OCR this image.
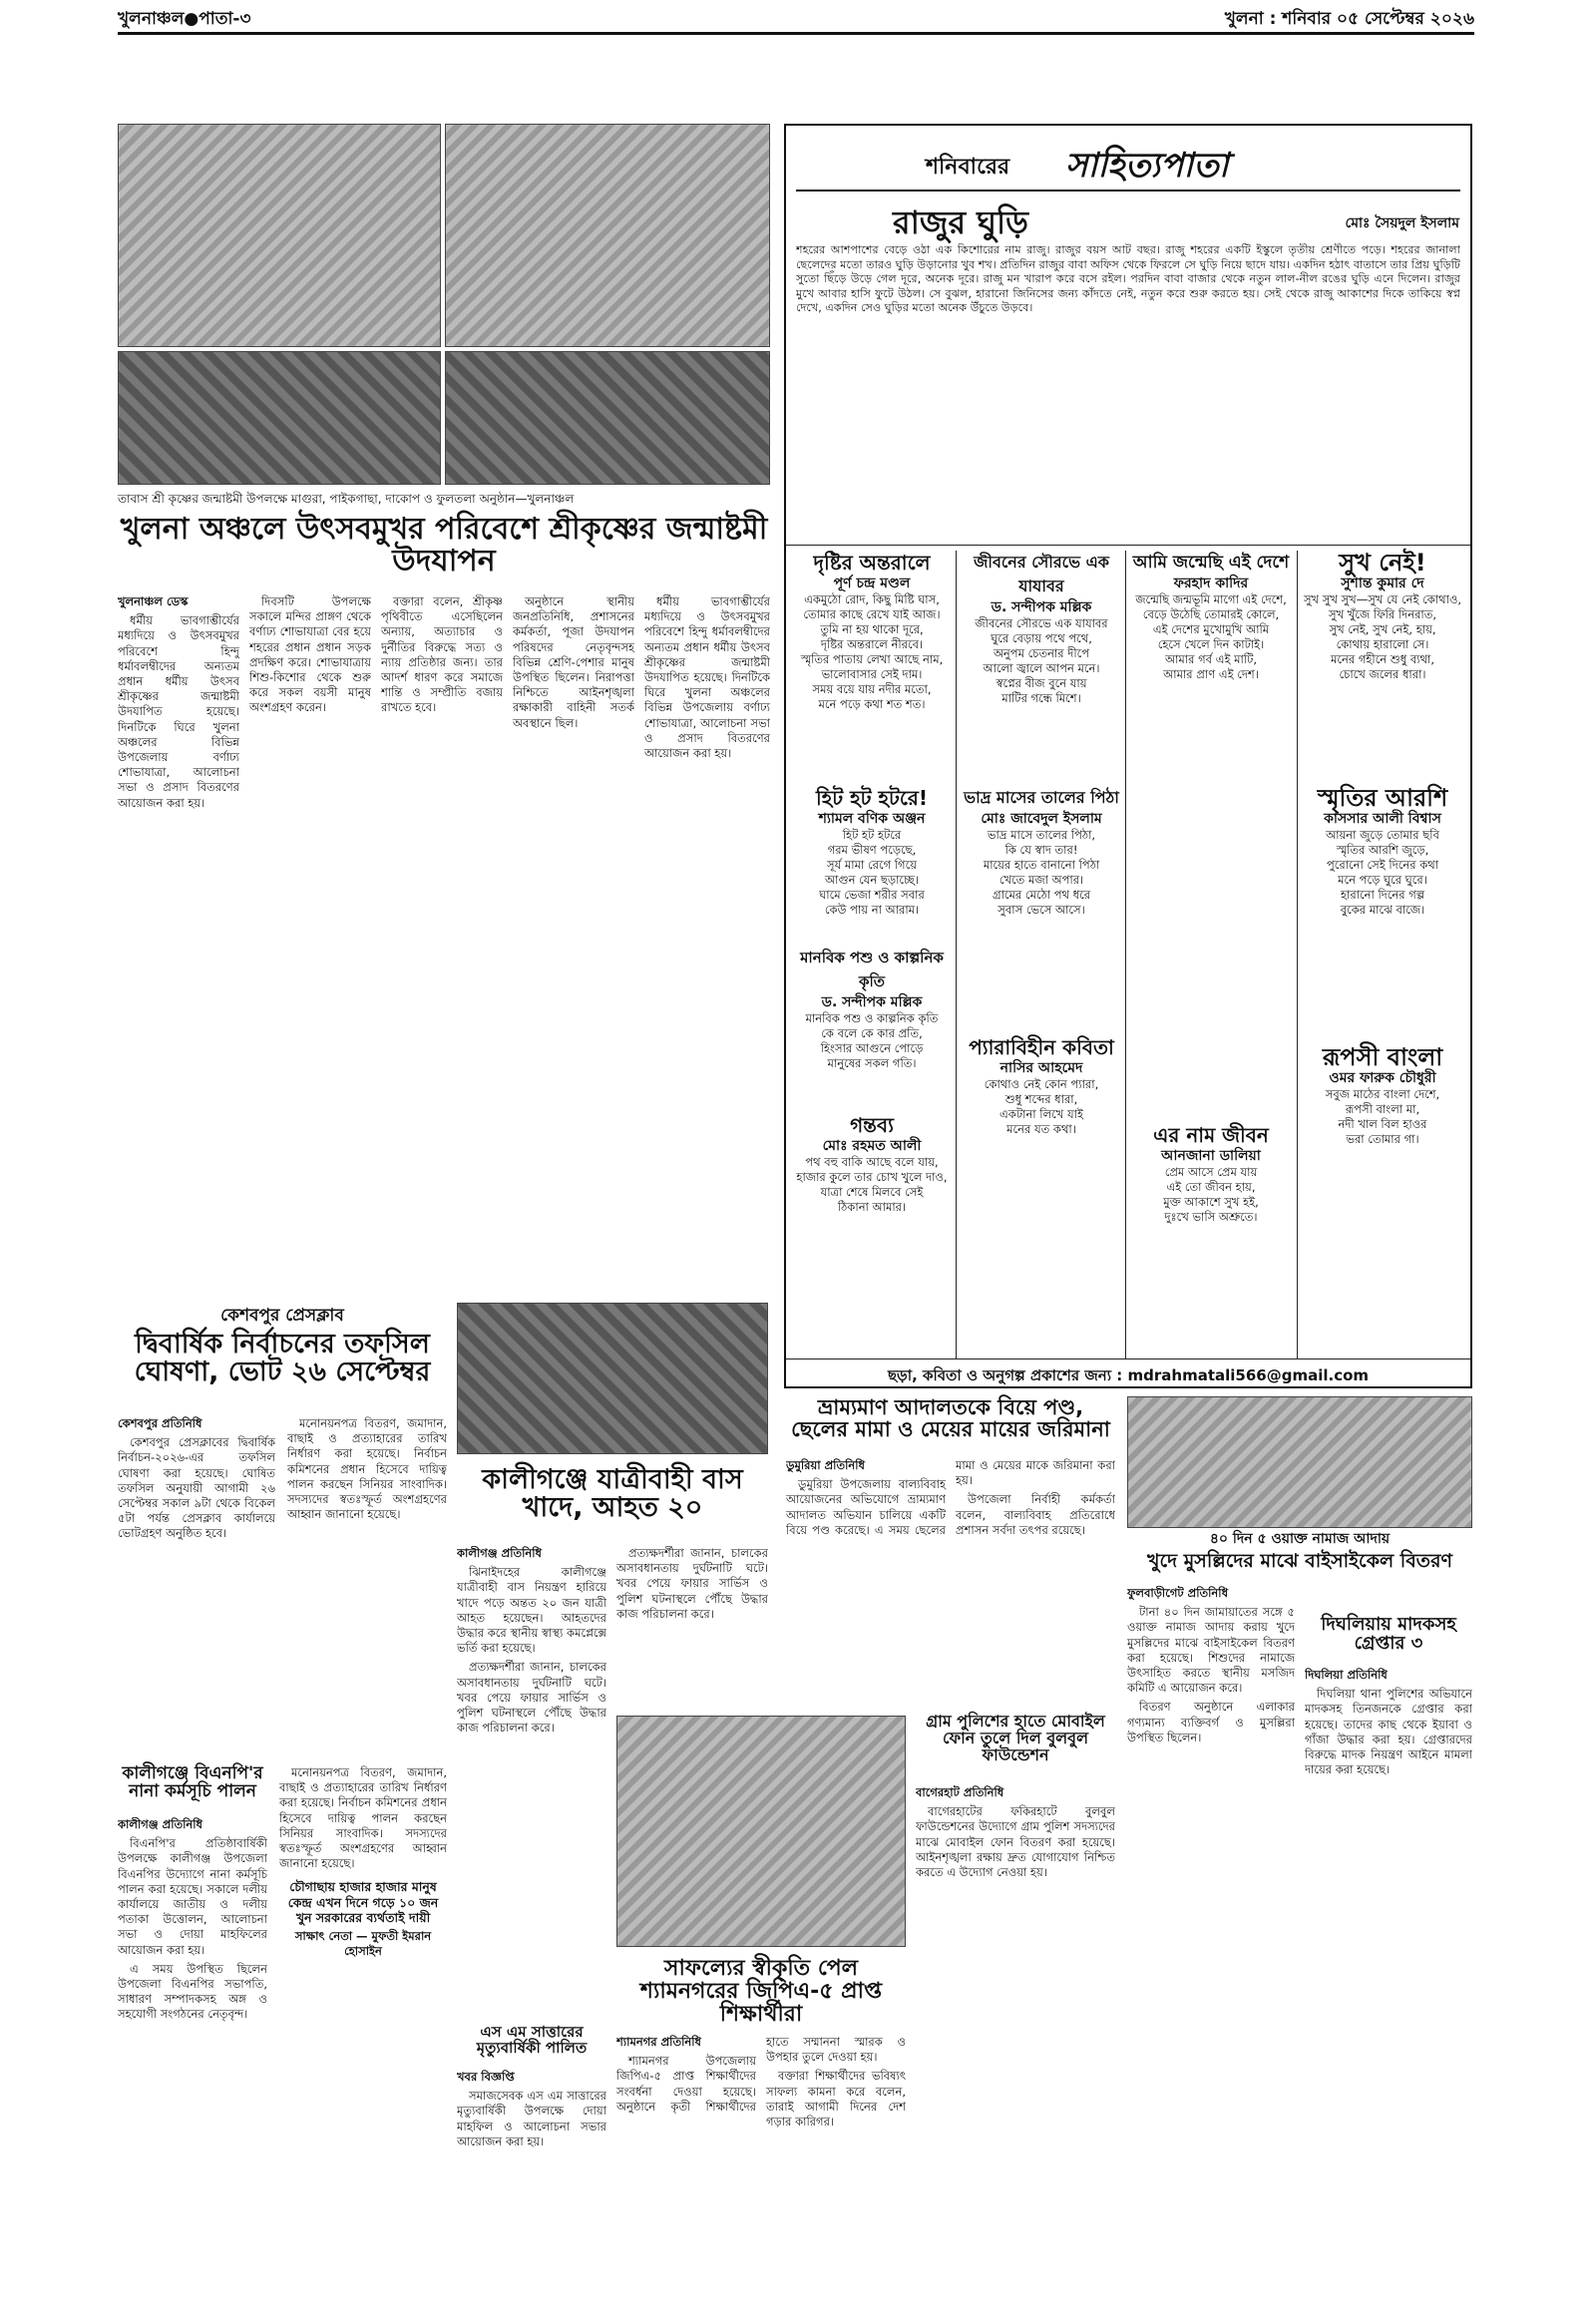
খুলনাঞ্চল●পাতা-৩	খুলনা : শনিবার ০৫ সেপ্টেম্বর ২০২৬
তাবাস শ্রী কৃষ্ণের জন্মাষ্টমী উপলক্ষে মাগুরা, পাইকগাছা, দাকোপ ও ফুলতলা অনুষ্ঠান—খুলনাঞ্চল
খুলনা অঞ্চলে উৎসবমুখর পরিবেশে শ্রীকৃষ্ণের জন্মাষ্টমী উদযাপন

খুলনাঞ্চল ডেস্ক

ধর্মীয় ভাবগাম্ভীর্যের মধ্যদিয়ে ও উৎসবমুখর পরিবেশে হিন্দু ধর্মাবলম্বীদের অন্যতম প্রধান ধর্মীয় উৎসব শ্রীকৃষ্ণের জন্মাষ্টমী উদযাপিত হয়েছে। দিনটিকে ঘিরে খুলনা অঞ্চলের বিভিন্ন উপজেলায় বর্ণাঢ্য শোভাযাত্রা, আলোচনা সভা ও প্রসাদ বিতরণের আয়োজন করা হয়।

দিবসটি উপলক্ষে সকালে মন্দির প্রাঙ্গণ থেকে বর্ণাঢ্য শোভাযাত্রা বের হয়ে শহরের প্রধান প্রধান সড়ক প্রদক্ষিণ করে। শোভাযাত্রায় শিশু-কিশোর থেকে শুরু করে সকল বয়সী মানুষ অংশগ্রহণ করেন।

বক্তারা বলেন, শ্রীকৃষ্ণ পৃথিবীতে এসেছিলেন অন্যায়, অত্যাচার ও দুর্নীতির বিরুদ্ধে সত্য ও ন্যায় প্রতিষ্ঠার জন্য। তার আদর্শ ধারণ করে সমাজে শান্তি ও সম্প্রীতি বজায় রাখতে হবে।

অনুষ্ঠানে স্থানীয় জনপ্রতিনিধি, প্রশাসনের কর্মকর্তা, পূজা উদযাপন পরিষদের নেতৃবৃন্দসহ বিভিন্ন শ্রেণি-পেশার মানুষ উপস্থিত ছিলেন। নিরাপত্তা নিশ্চিতে আইনশৃঙ্খলা রক্ষাকারী বাহিনী সতর্ক অবস্থানে ছিল।

ধর্মীয় ভাবগাম্ভীর্যের মধ্যদিয়ে ও উৎসবমুখর পরিবেশে হিন্দু ধর্মাবলম্বীদের অন্যতম প্রধান ধর্মীয় উৎসব শ্রীকৃষ্ণের জন্মাষ্টমী উদযাপিত হয়েছে। দিনটিকে ঘিরে খুলনা অঞ্চলের বিভিন্ন উপজেলায় বর্ণাঢ্য শোভাযাত্রা, আলোচনা সভা ও প্রসাদ বিতরণের আয়োজন করা হয়।

শনিবারের সাহিত্যপাতা
রাজুর ঘুড়ি	মোঃ সৈয়দুল ইসলাম
শহরের আশপাশের বেড়ে ওঠা এক কিশোরের নাম রাজু। রাজুর বয়স আট বছর। রাজু শহরের একটি ইস্কুলে তৃতীয় শ্রেণীতে পড়ে। শহরের জানালা ছেলেদের মতো তারও ঘুড়ি উড়ানোর খুব শখ। প্রতিদিন রাজুর বাবা অফিস থেকে ফিরলে সে ঘুড়ি নিয়ে ছাদে যায়। একদিন হঠাৎ বাতাসে তার প্রিয় ঘুড়িটি সুতো ছিঁড়ে উড়ে গেল দূরে, অনেক দূরে। রাজু মন খারাপ করে বসে রইল। পরদিন বাবা বাজার থেকে নতুন লাল-নীল রঙের ঘুড়ি এনে দিলেন। রাজুর মুখে আবার হাসি ফুটে উঠল। সে বুঝল, হারানো জিনিসের জন্য কাঁদতে নেই, নতুন করে শুরু করতে হয়। সেই থেকে রাজু আকাশের দিকে তাকিয়ে স্বপ্ন দেখে, একদিন সেও ঘুড়ির মতো অনেক উঁচুতে উড়বে।
দৃষ্টির অন্তরালে
পূর্ণ চন্দ্র মণ্ডল
একমুঠো রোদ, কিছু মিষ্টি ঘাস,
তোমার কাছে রেখে যাই আজ।
তুমি না হয় থাকো দূরে,
দৃষ্টির অন্তরালে নীরবে।
স্মৃতির পাতায় লেখা আছে নাম,
ভালোবাসার সেই দাম।
সময় বয়ে যায় নদীর মতো,
মনে পড়ে কথা শত শত।
জীবনের সৌরভে এক যাযাবর
ড. সন্দীপক মল্লিক
জীবনের সৌরভে এক যাযাবর
ঘুরে বেড়ায় পথে পথে,
অনুপম চেতনার দীপে
আলো জ্বালে আপন মনে।
স্বপ্নের বীজ বুনে যায়
মাটির গন্ধে মিশে।
আমি জন্মেছি এই দেশে
ফরহাদ কাদির
জন্মেছি জন্মভূমি মাগো এই দেশে,
বেড়ে উঠেছি তোমারই কোলে,
এই দেশের মুখোমুখি আমি
হেসে খেলে দিন কাটাই।
আমার গর্ব এই মাটি,
আমার প্রাণ এই দেশ।
সুখ নেই!
সুশান্ত কুমার দে
সুখ সুখ সুখ—সুখ যে নেই কোথাও,
সুখ খুঁজে ফিরি দিনরাত,
সুখ নেই, সুখ নেই, হায়,
কোথায় হারালো সে।
মনের গহীনে শুধু ব্যথা,
চোখে জলের ধারা।
হিট হট হটরে!
শ্যামল বণিক অঞ্জন
হিট হট হটরে
গরম ভীষণ পড়েছে,
সূর্য মামা রেগে গিয়ে
আগুন যেন ছড়াচ্ছে।
ঘামে ভেজা শরীর সবার
কেউ পায় না আরাম।
ভাদ্র মাসের তালের পিঠা
মোঃ জাবেদুল ইসলাম
ভাদ্র মাসে তালের পিঠা,
কি যে স্বাদ তার!
মায়ের হাতে বানানো পিঠা
খেতে মজা অপার।
গ্রামের মেঠো পথ ধরে
সুবাস ভেসে আসে।
স্মৃতির আরশি
কাসসার আলী বিশ্বাস
আয়না জুড়ে তোমার ছবি
স্মৃতির আরশি জুড়ে,
পুরোনো সেই দিনের কথা
মনে পড়ে ঘুরে ঘুরে।
হারানো দিনের গল্প
বুকের মাঝে বাজে।
মানবিক পশু ও কাল্পনিক কৃতি
ড. সন্দীপক মল্লিক
মানবিক পশু ও কাল্পনিক কৃতি
কে বলে কে কার প্রতি,
হিংসার আগুনে পোড়ে
মানুষের সকল গতি।
প্যারাবিহীন কবিতা
নাসির আহমেদ
কোথাও নেই কোন প্যারা,
শুধু শব্দের ধারা,
একটানা লিখে যাই
মনের যত কথা।	এর নাম জীবন
আনজানা ডালিয়া
প্রেম আসে প্রেম যায়
এই তো জীবন হায়,
মুক্ত আকাশে সুখ হই,
দুঃখে ভাসি অশ্রুতে।
রূপসী বাংলা
ওমর ফারুক চৌধুরী
সবুজ মাঠের বাংলা দেশে,
রূপসী বাংলা মা,
নদী খাল বিল হাওর
ভরা তোমার গা।
গন্তব্য
মোঃ রহমত আলী
পথ বহু বাকি আছে বলে যায়,
হাজার কুলে তার চোখ খুলে দাও,
যাত্রা শেষে মিলবে সেই
ঠিকানা আমার।
ছড়া, কবিতা ও অনুগল্প প্রকাশের জন্য : mdrahmatali566@gmail.com
কেশবপুর প্রেসক্লাব
দ্বিবার্ষিক নির্বাচনের তফসিল ঘোষণা, ভোট ২৬ সেপ্টেম্বর

কেশবপুর প্রতিনিধি

কেশবপুর প্রেসক্লাবের দ্বিবার্ষিক নির্বাচন-২০২৬-এর তফসিল ঘোষণা করা হয়েছে। ঘোষিত তফসিল অনুযায়ী আগামী ২৬ সেপ্টেম্বর সকাল ৯টা থেকে বিকেল ৫টা পর্যন্ত প্রেসক্লাব কার্যালয়ে ভোটগ্রহণ অনুষ্ঠিত হবে।

মনোনয়নপত্র বিতরণ, জমাদান, বাছাই ও প্রত্যাহারের তারিখ নির্ধারণ করা হয়েছে। নির্বাচন কমিশনের প্রধান হিসেবে দায়িত্ব পালন করছেন সিনিয়র সাংবাদিক। সদস্যদের স্বতঃস্ফূর্ত অংশগ্রহণের আহ্বান জানানো হয়েছে।

কালীগঞ্জে বিএনপি'র নানা কর্মসূচি পালন

কালীগঞ্জ প্রতিনিধি

বিএনপি'র প্রতিষ্ঠাবার্ষিকী উপলক্ষে কালীগঞ্জ উপজেলা বিএনপির উদ্যোগে নানা কর্মসূচি পালন করা হয়েছে। সকালে দলীয় কার্যালয়ে জাতীয় ও দলীয় পতাকা উত্তোলন, আলোচনা সভা ও দোয়া মাহফিলের আয়োজন করা হয়।

এ সময় উপস্থিত ছিলেন উপজেলা বিএনপির সভাপতি, সাধারণ সম্পাদকসহ অঙ্গ ও সহযোগী সংগঠনের নেতৃবৃন্দ।

মনোনয়নপত্র বিতরণ, জমাদান, বাছাই ও প্রত্যাহারের তারিখ নির্ধারণ করা হয়েছে। নির্বাচন কমিশনের প্রধান হিসেবে দায়িত্ব পালন করছেন সিনিয়র সাংবাদিক। সদস্যদের স্বতঃস্ফূর্ত অংশগ্রহণের আহ্বান জানানো হয়েছে।

চৌগাছায় হাজার হাজার মানুষ কেন্দ্র এখন দিনে গড়ে ১০ জন খুন সরকারের ব্যর্থতাই দায়ী

সাক্ষাৎ নেতা — মুফতী ইমরান হোসাইন

কালীগঞ্জে যাত্রীবাহী বাস খাদে, আহত ২০

কালীগঞ্জ প্রতিনিধি

ঝিনাইদহের কালীগঞ্জে যাত্রীবাহী বাস নিয়ন্ত্রণ হারিয়ে খাদে পড়ে অন্তত ২০ জন যাত্রী আহত হয়েছেন। আহতদের উদ্ধার করে স্থানীয় স্বাস্থ্য কমপ্লেক্সে ভর্তি করা হয়েছে।

প্রত্যক্ষদর্শীরা জানান, চালকের অসাবধানতায় দুর্ঘটনাটি ঘটে। খবর পেয়ে ফায়ার সার্ভিস ও পুলিশ ঘটনাস্থলে পৌঁছে উদ্ধার কাজ পরিচালনা করে।

প্রত্যক্ষদর্শীরা জানান, চালকের অসাবধানতায় দুর্ঘটনাটি ঘটে। খবর পেয়ে ফায়ার সার্ভিস ও পুলিশ ঘটনাস্থলে পৌঁছে উদ্ধার কাজ পরিচালনা করে।

এস এম সাত্তারের মৃত্যুবার্ষিকী পালিত

খবর বিজ্ঞপ্তি

সমাজসেবক এস এম সাত্তারের মৃত্যুবার্ষিকী উপলক্ষে দোয়া মাহফিল ও আলোচনা সভার আয়োজন করা হয়।

সাফল্যের স্বীকৃতি পেল শ্যামনগরের জিপিএ-৫ প্রাপ্ত শিক্ষার্থীরা

শ্যামনগর প্রতিনিধি

শ্যামনগর উপজেলায় জিপিএ-৫ প্রাপ্ত শিক্ষার্থীদের সংবর্ধনা দেওয়া হয়েছে। অনুষ্ঠানে কৃতী শিক্ষার্থীদের হাতে সম্মাননা স্মারক ও উপহার তুলে দেওয়া হয়।

বক্তারা শিক্ষার্থীদের ভবিষ্যৎ সাফল্য কামনা করে বলেন, তারাই আগামী দিনের দেশ গড়ার কারিগর।

ভ্রাম্যমাণ আদালতকে বিয়ে পণ্ড, ছেলের মামা ও মেয়ের মায়ের জরিমানা

ডুমুরিয়া প্রতিনিধি

ডুমুরিয়া উপজেলায় বাল্যবিবাহ আয়োজনের অভিযোগে ভ্রাম্যমাণ আদালত অভিযান চালিয়ে একটি বিয়ে পণ্ড করেছে। এ সময় ছেলের মামা ও মেয়ের মাকে জরিমানা করা হয়।

উপজেলা নির্বাহী কর্মকর্তা বলেন, বাল্যবিবাহ প্রতিরোধে প্রশাসন সর্বদা তৎপর রয়েছে।

গ্রাম পুলিশের হাতে মোবাইল ফোন তুলে দিল বুলবুল ফাউন্ডেশন

বাগেরহাট প্রতিনিধি

বাগেরহাটের ফকিরহাটে বুলবুল ফাউন্ডেশনের উদ্যোগে গ্রাম পুলিশ সদস্যদের মাঝে মোবাইল ফোন বিতরণ করা হয়েছে। আইনশৃঙ্খলা রক্ষায় দ্রুত যোগাযোগ নিশ্চিত করতে এ উদ্যোগ নেওয়া হয়।

৪০ দিন ৫ ওয়াক্ত নামাজ আদায়
খুদে মুসল্লিদের মাঝে বাইসাইকেল বিতরণ

ফুলবাড়ীগেট প্রতিনিধি

টানা ৪০ দিন জামায়াতের সঙ্গে ৫ ওয়াক্ত নামাজ আদায় করায় খুদে মুসল্লিদের মাঝে বাইসাইকেল বিতরণ করা হয়েছে। শিশুদের নামাজে উৎসাহিত করতে স্থানীয় মসজিদ কমিটি এ আয়োজন করে।

বিতরণ অনুষ্ঠানে এলাকার গণ্যমান্য ব্যক্তিবর্গ ও মুসল্লিরা উপস্থিত ছিলেন।

দিঘলিয়ায় মাদকসহ গ্রেপ্তার ৩

দিঘলিয়া প্রতিনিধি

দিঘলিয়া থানা পুলিশের অভিযানে মাদকসহ তিনজনকে গ্রেপ্তার করা হয়েছে। তাদের কাছ থেকে ইয়াবা ও গাঁজা উদ্ধার করা হয়। গ্রেপ্তারদের বিরুদ্ধে মাদক নিয়ন্ত্রণ আইনে মামলা দায়ের করা হয়েছে।
